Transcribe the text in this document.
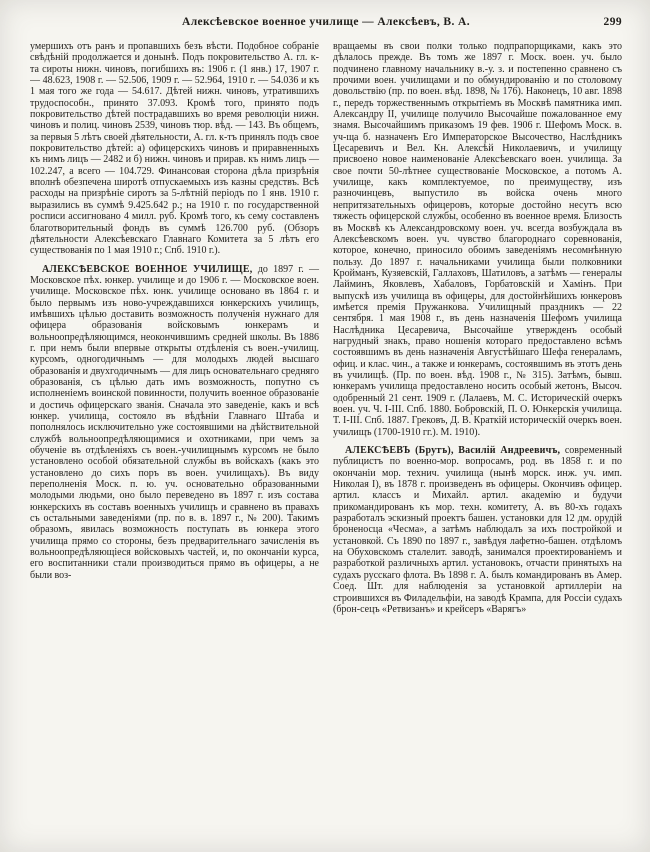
Алексѣевское военное училище — Алексѣевъ, В. А.	299

умершихъ отъ ранъ и пропавшихъ безъ вѣсти. Подобное собраніе свѣдѣній продолжается и донынѣ. Подъ покровительство А. гл. к-та сироты нижн. чиновъ, погибшихъ въ: 1906 г. (1 янв.) 17, 1907 г. — 48.623, 1908 г. — 52.506, 1909 г. — 52.964, 1910 г. — 54.036 и къ 1 мая того же года — 54.617. Дѣтей нижн. чиновъ, утратившихъ трудоспособн., принято 37.093. Кромѣ того, принято подъ покровительство дѣтей пострадавшихъ во время революціи нижн. чиновъ и полиц. чиновъ 2539, чиновъ тюр. вѣд. — 143. Въ общемъ, за первыя 5 лѣтъ своей дѣятельности, А. гл. к-тъ принялъ подъ свое покровительство дѣтей: а) офицерскихъ чиновъ и приравненныхъ къ нимъ лицъ — 2482 и б) нижн. чиновъ и прирав. къ нимъ лицъ — 102.247, а всего — 104.729. Финансовая сторона дѣла призрѣнія вполнѣ обезпечена широтѣ отпускаемыхъ изъ казны средствъ. Всѣ расходы на призрѣніе сиротъ за 5-лѣтній періодъ по 1 янв. 1910 г. выразились въ суммѣ 9.425.642 р.; на 1910 г. по государственной росписи ассигновано 4 милл. руб. Кромѣ того, къ сему составленъ благотворительный фондъ въ суммѣ 126.700 руб. (Обзоръ дѣятельности Алексѣевскаго Главнаго Комитета за 5 лѣтъ его существованія по 1 мая 1910 г.; Спб. 1910 г.).

АЛЕКСѢЕВСКОЕ ВОЕННОЕ УЧИЛИЩЕ, до 1897 г. — Московское пѣх. юнкер. училище и до 1906 г. — Московское воен. училище. Московское пѣх. юнк. училище основано въ 1864 г. и было первымъ изъ ново-учреждавшихся юнкерскихъ училищъ, имѣвшихъ цѣлью доставить возможность полученія нужнаго для офицера образованія войсковымъ юнкерамъ и вольноопредѣляющимся, неокончившимъ средней школы. Въ 1886 г. при немъ были впервые открыты отдѣленія съ воен.-училищ. курсомъ, одногодичнымъ — для молодыхъ людей высшаго образованія и двухгодичнымъ — для лицъ основательнаго средняго образованія, съ цѣлью дать имъ возможность, попутно съ исполненіемъ воинской повинности, получить военное образованіе и достичь офицерскаго званія. Сначала это заведеніе, какъ и всѣ юнкер. училища, состояло въ вѣдѣніи Главнаго Штаба и пополнялось исключительно уже состоявшими на дѣйствительной службѣ вольноопредѣляющимися и охотниками, при чемъ за обученіе въ отдѣленіяхъ съ воен.-училищнымъ курсомъ не было установлено особой обязательной службы въ войскахъ (какъ это установлено до сихъ поръ въ воен. училищахъ). Въ виду переполненія Моск. п. ю. уч. основательно образованными молодыми людьми, оно было переведено въ 1897 г. изъ состава юнкерскихъ въ составъ военныхъ училищъ и сравнено въ правахъ съ остальными заведеніями (пр. по в. в. 1897 г., № 200). Такимъ образомъ, явилась возможность поступать въ юнкера этого училища прямо со стороны, безъ предварительнаго зачисленія въ вольноопредѣляющіеся войсковыхъ частей, и, по окончаніи курса, его воспитанники стали производиться прямо въ офицеры, а не были воз-

вращаемы въ свои полки только подпрапорщиками, какъ это дѣлалось прежде. Въ томъ же 1897 г. Моск. воен. уч. было подчинено главному начальнику в.-у. з. и постепенно сравнено съ прочими воен. училищами и по обмундированію и по столовому довольствію (пр. по воен. вѣд. 1898, № 176). Наконецъ, 10 авг. 1898 г., передъ торжественнымъ открытіемъ въ Москвѣ памятника имп. Александру II, училище получило Высочайше пожалованное ему знамя. Высочайшимъ приказомъ 19 фев. 1906 г. Шефомъ Моск. в. уч-ща б. назначенъ Его Императорское Высочество, Наслѣдникъ Цесаревичъ и Вел. Кн. Алексѣй Николаевичъ, и училищу присвоено новое наименованіе Алексѣевскаго воен. училища. За свое почти 50-лѣтнее существованіе Московское, а потомъ А. училище, какъ комплектуемое, по преимуществу, изъ разночинцевъ, выпустило въ войска очень много непритязательныхъ офицеровъ, которые достойно несутъ всю тяжесть офицерской службы, особенно въ военное время. Близость въ Москвѣ къ Александровскому воен. уч. всегда возбуждала въ Алексѣевскомъ воен. уч. чувство благороднаго соревнованія, которое, конечно, приносило обоимъ заведеніямъ несомнѣнную пользу. До 1897 г. начальниками училища были полковники Кройманъ, Кузяевскій, Галлаховъ, Шатиловъ, а затѣмъ — генералы Лайминъ, Яковлевъ, Хабаловъ, Горбатовскій и Хамінъ. При выпускѣ изъ училища въ офицеры, для достойнѣйшихъ юнкеровъ имѣется премія Пружанкова. Училищный праздникъ — 22 сентября. 1 мая 1908 г., въ день назначенія Шефомъ училища Наслѣдника Цесаревича, Высочайше утвержденъ особый нагрудный знакъ, право ношенія котораго предоставлено всѣмъ состоявшимъ въ день назначенія Августѣйшаго Шефа генераламъ, офиц. и клас. чин., а также и юнкерамъ, состоявшимъ въ этотъ день въ училищѣ. (Пр. по воен. вѣд. 1908 г., № 315). Затѣмъ, бывш. юнкерамъ училища предоставлено носить особый жетонъ, Высоч. одобренный 21 сент. 1909 г. (Лалаевъ, М. С. Историческій очеркъ воен. уч. Ч. I-III. Спб. 1880. Бобровскій, П. О. Юнкерскія училища. Т. I-III. Спб. 1887. Грековъ, Д. В. Краткій историческій очеркъ воен. училищъ (1700-1910 гг.). М. 1910).

АЛЕКСѢЕВЪ (Брутъ), Василій Андреевичъ, современный публицистъ по военно-мор. вопросамъ, род. въ 1858 г. и по окончаніи мор. технич. училища (нынѣ морск. инж. уч. имп. Николая I), въ 1878 г. произведенъ въ офицеры. Окончивъ офицер. артил. классъ и Михайл. артил. академію и будучи прикомандированъ къ мор. техн. комитету, А. въ 80-хъ годахъ разработалъ эскизный проектъ башен. установки для 12 дм. орудій броненосца «Чесма», а затѣмъ наблюдалъ за ихъ постройкой и установкой. Съ 1890 по 1897 г., завѣдуя лафетно-башен. отдѣломъ на Обуховскомъ сталелит. заводѣ, занимался проектированіемъ и разработкой различныхъ артил. установокъ, отчасти принятыхъ на судахъ русскаго флота. Въ 1898 г. А. былъ командированъ въ Амер. Соед. Шт. для наблюденія за установкой артиллеріи на строившихся въ Филадельфіи, на заводѣ Крампа, для Россіи судахъ (брон-сецъ «Ретвизанъ» и крейсеръ «Варягъ»
